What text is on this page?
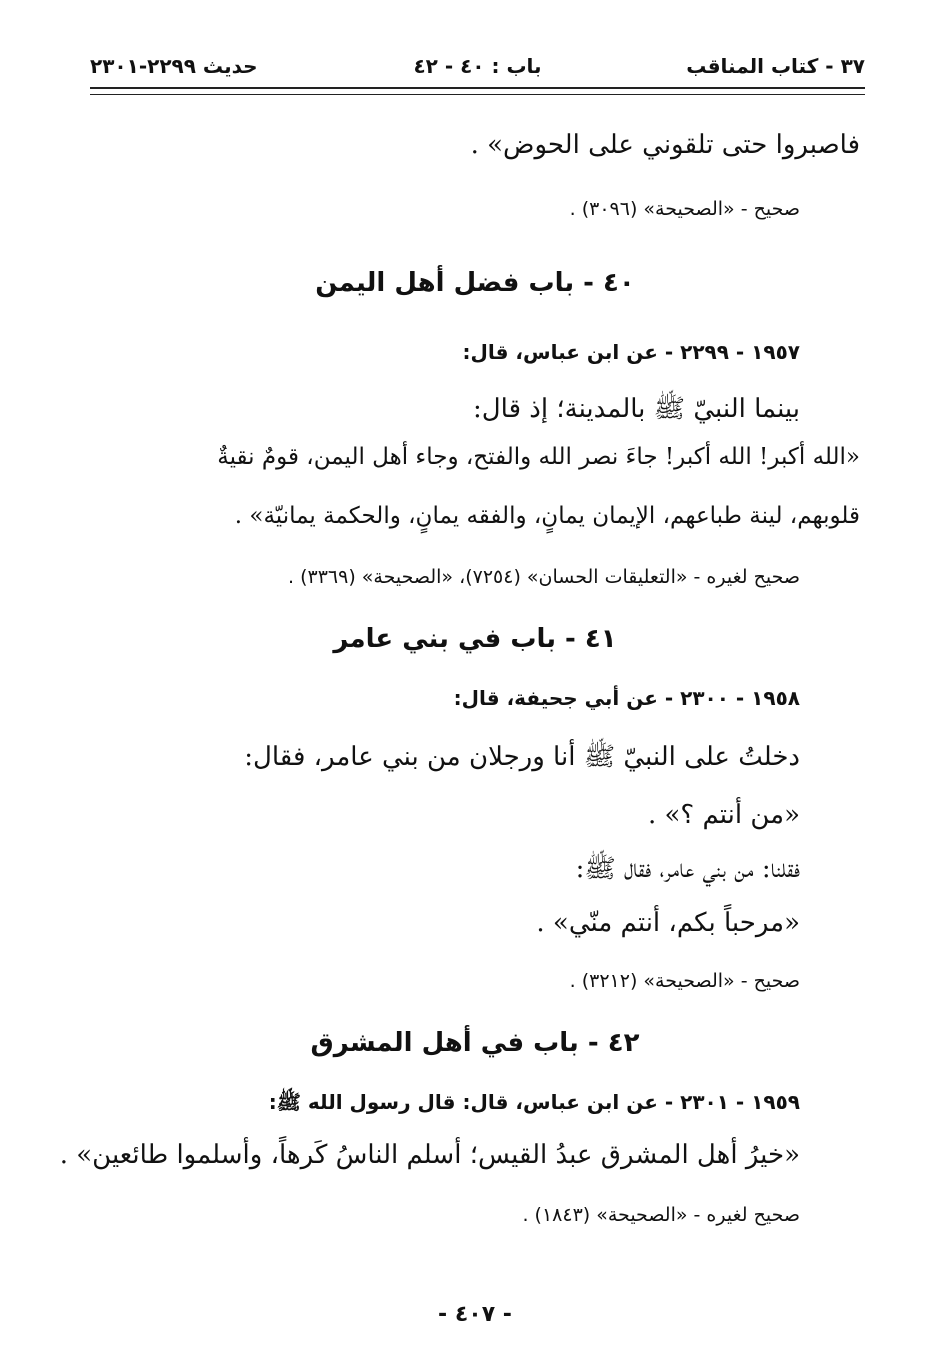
٣٧ - كتاب المناقب
باب : ٤٠ - ٤٢
حديث ٢٢٩٩-٢٣٠١
فاصبروا حتى تلقوني على الحوض» .
صحيح - «الصحيحة» (٣٠٩٦) .
٤٠ - باب فضل أهل اليمن
١٩٥٧ - ٢٢٩٩ - عن ابن عباس، قال:
بينما النبيّ ﷺ بالمدينة؛ إذ قال:
«الله أكبر! الله أكبر! جاءَ نصر الله والفتح، وجاء أهل اليمن، قومٌ نقيةٌ
قلوبهم، لينة طباعهم، الإيمان يمانٍ، والفقه يمانٍ، والحكمة يمانيّة» .
صحيح لغيره - «التعليقات الحسان» (٧٢٥٤)، «الصحيحة» (٣٣٦٩) .
٤١ - باب في بني عامر
١٩٥٨ - ٢٣٠٠ - عن أبي جحيفة، قال:
دخلتُ على النبيّ ﷺ أنا ورجلان من بني عامر، فقال:
«من أنتم ؟» .
فقلنا: من بني عامر، فقال ﷺ:
«مرحباً بكم، أنتم منّي» .
صحيح - «الصحيحة» (٣٢١٢) .
٤٢ - باب في أهل المشرق
١٩٥٩ - ٢٣٠١ - عن ابن عباس، قال: قال رسول الله ﷺ:
«خيرُ أهل المشرق عبدُ القيس؛ أسلم الناسُ كَرهاً، وأسلموا طائعين» .
صحيح لغيره - «الصحيحة» (١٨٤٣) .
- ٤٠٧ -
